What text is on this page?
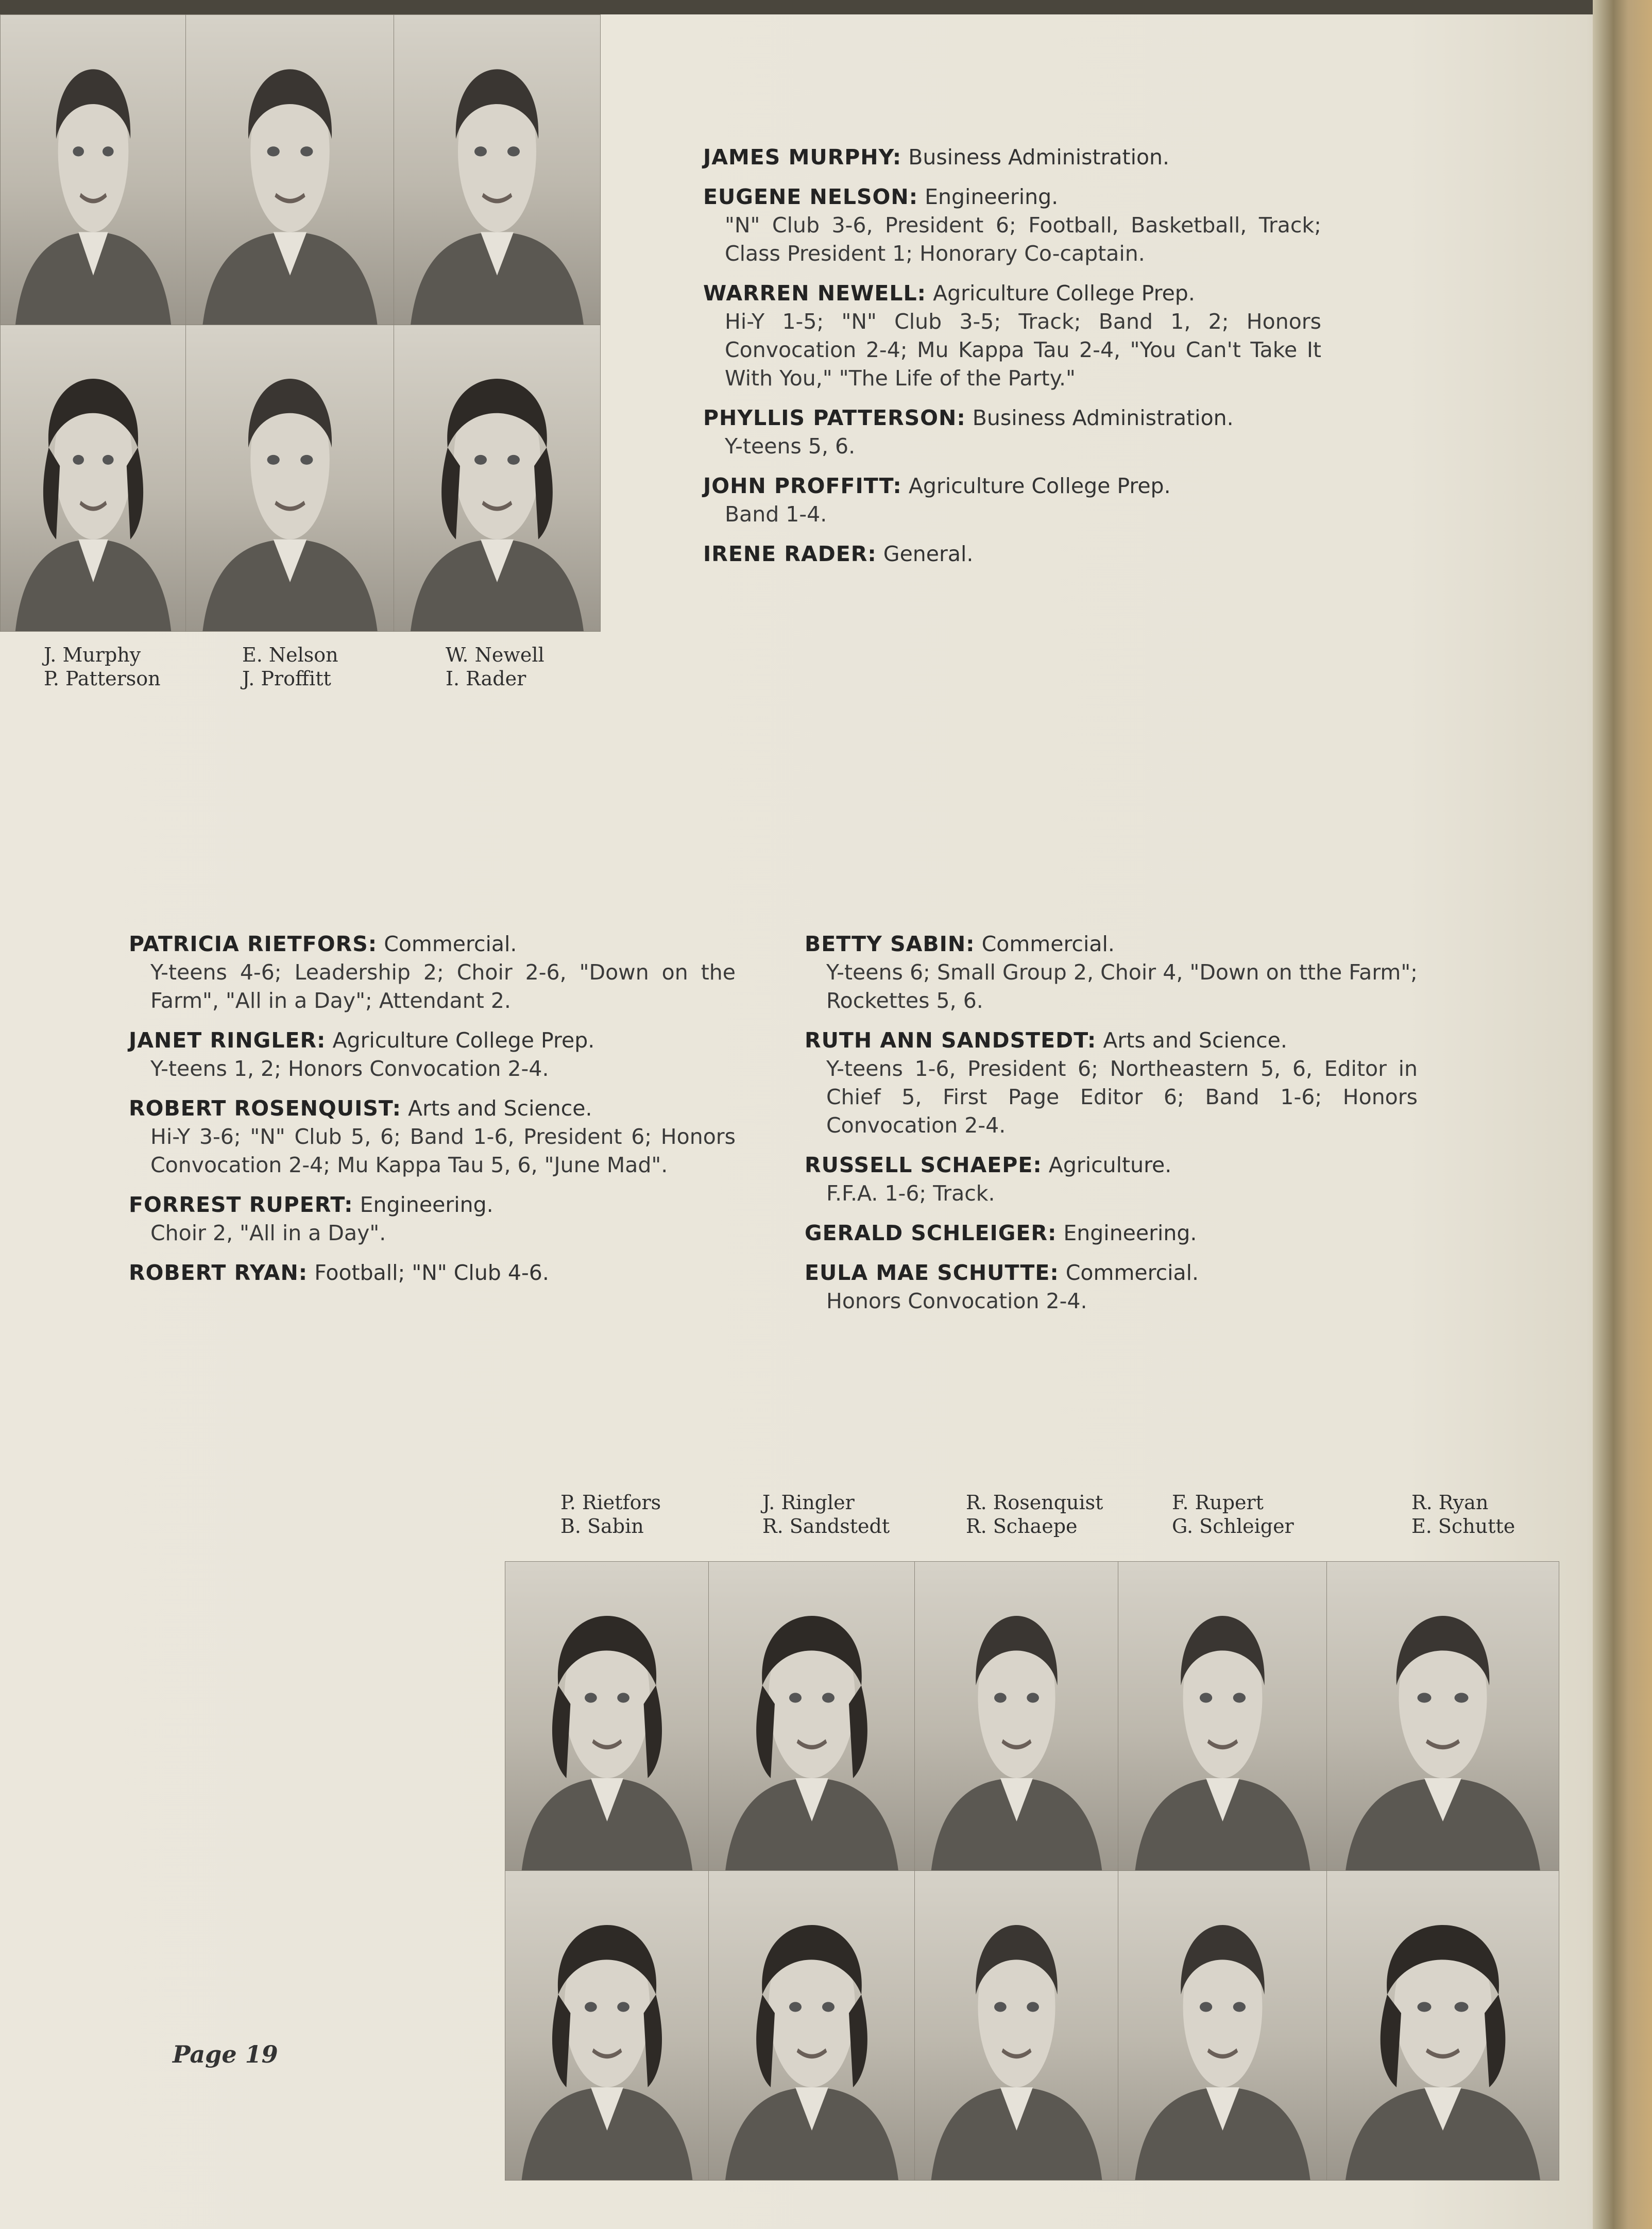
J. Murphy
P. Patterson
E. Nelson
J. Proffitt
W. Newell
I. Rader
JAMES MURPHY: Business Administration.
EUGENE NELSON: Engineering.
"N" Club 3-6, President 6; Football, Basketball, Track; Class President 1; Honorary Co-captain.
WARREN NEWELL: Agriculture College Prep.
Hi-Y 1-5; "N" Club 3-5; Track; Band 1, 2; Honors Convocation 2-4; Mu Kappa Tau 2-4, "You Can't Take It With You," "The Life of the Party."
PHYLLIS PATTERSON: Business Administration.
Y-teens 5, 6.
JOHN PROFFITT: Agriculture College Prep.
Band 1-4.
IRENE RADER: General.
PATRICIA RIETFORS: Commercial.
Y-teens 4-6; Leadership 2; Choir 2-6, "Down on the Farm", "All in a Day"; Attendant 2.
JANET RINGLER: Agriculture College Prep.
Y-teens 1, 2; Honors Convocation 2-4.
ROBERT ROSENQUIST: Arts and Science.
Hi-Y 3-6; "N" Club 5, 6; Band 1-6, President 6; Honors Convocation 2-4; Mu Kappa Tau 5, 6, "June Mad".
FORREST RUPERT: Engineering.
Choir 2, "All in a Day".
ROBERT RYAN: Football; "N" Club 4-6.
BETTY SABIN: Commercial.
Y-teens 6; Small Group 2, Choir 4, "Down on tthe Farm"; Rockettes 5, 6.
RUTH ANN SANDSTEDT: Arts and Science.
Y-teens 1-6, President 6; Northeastern 5, 6, Editor in Chief 5, First Page Editor 6; Band 1-6; Honors Convocation 2-4.
RUSSELL SCHAEPE: Agriculture.
F.F.A. 1-6; Track.
GERALD SCHLEIGER: Engineering.
EULA MAE SCHUTTE: Commercial.
Honors Convocation 2-4.
P. Rietfors
B. Sabin
J. Ringler
R. Sandstedt
R. Rosenquist
R. Schaepe
F. Rupert
G. Schleiger
R. Ryan
E. Schutte
Page 19
